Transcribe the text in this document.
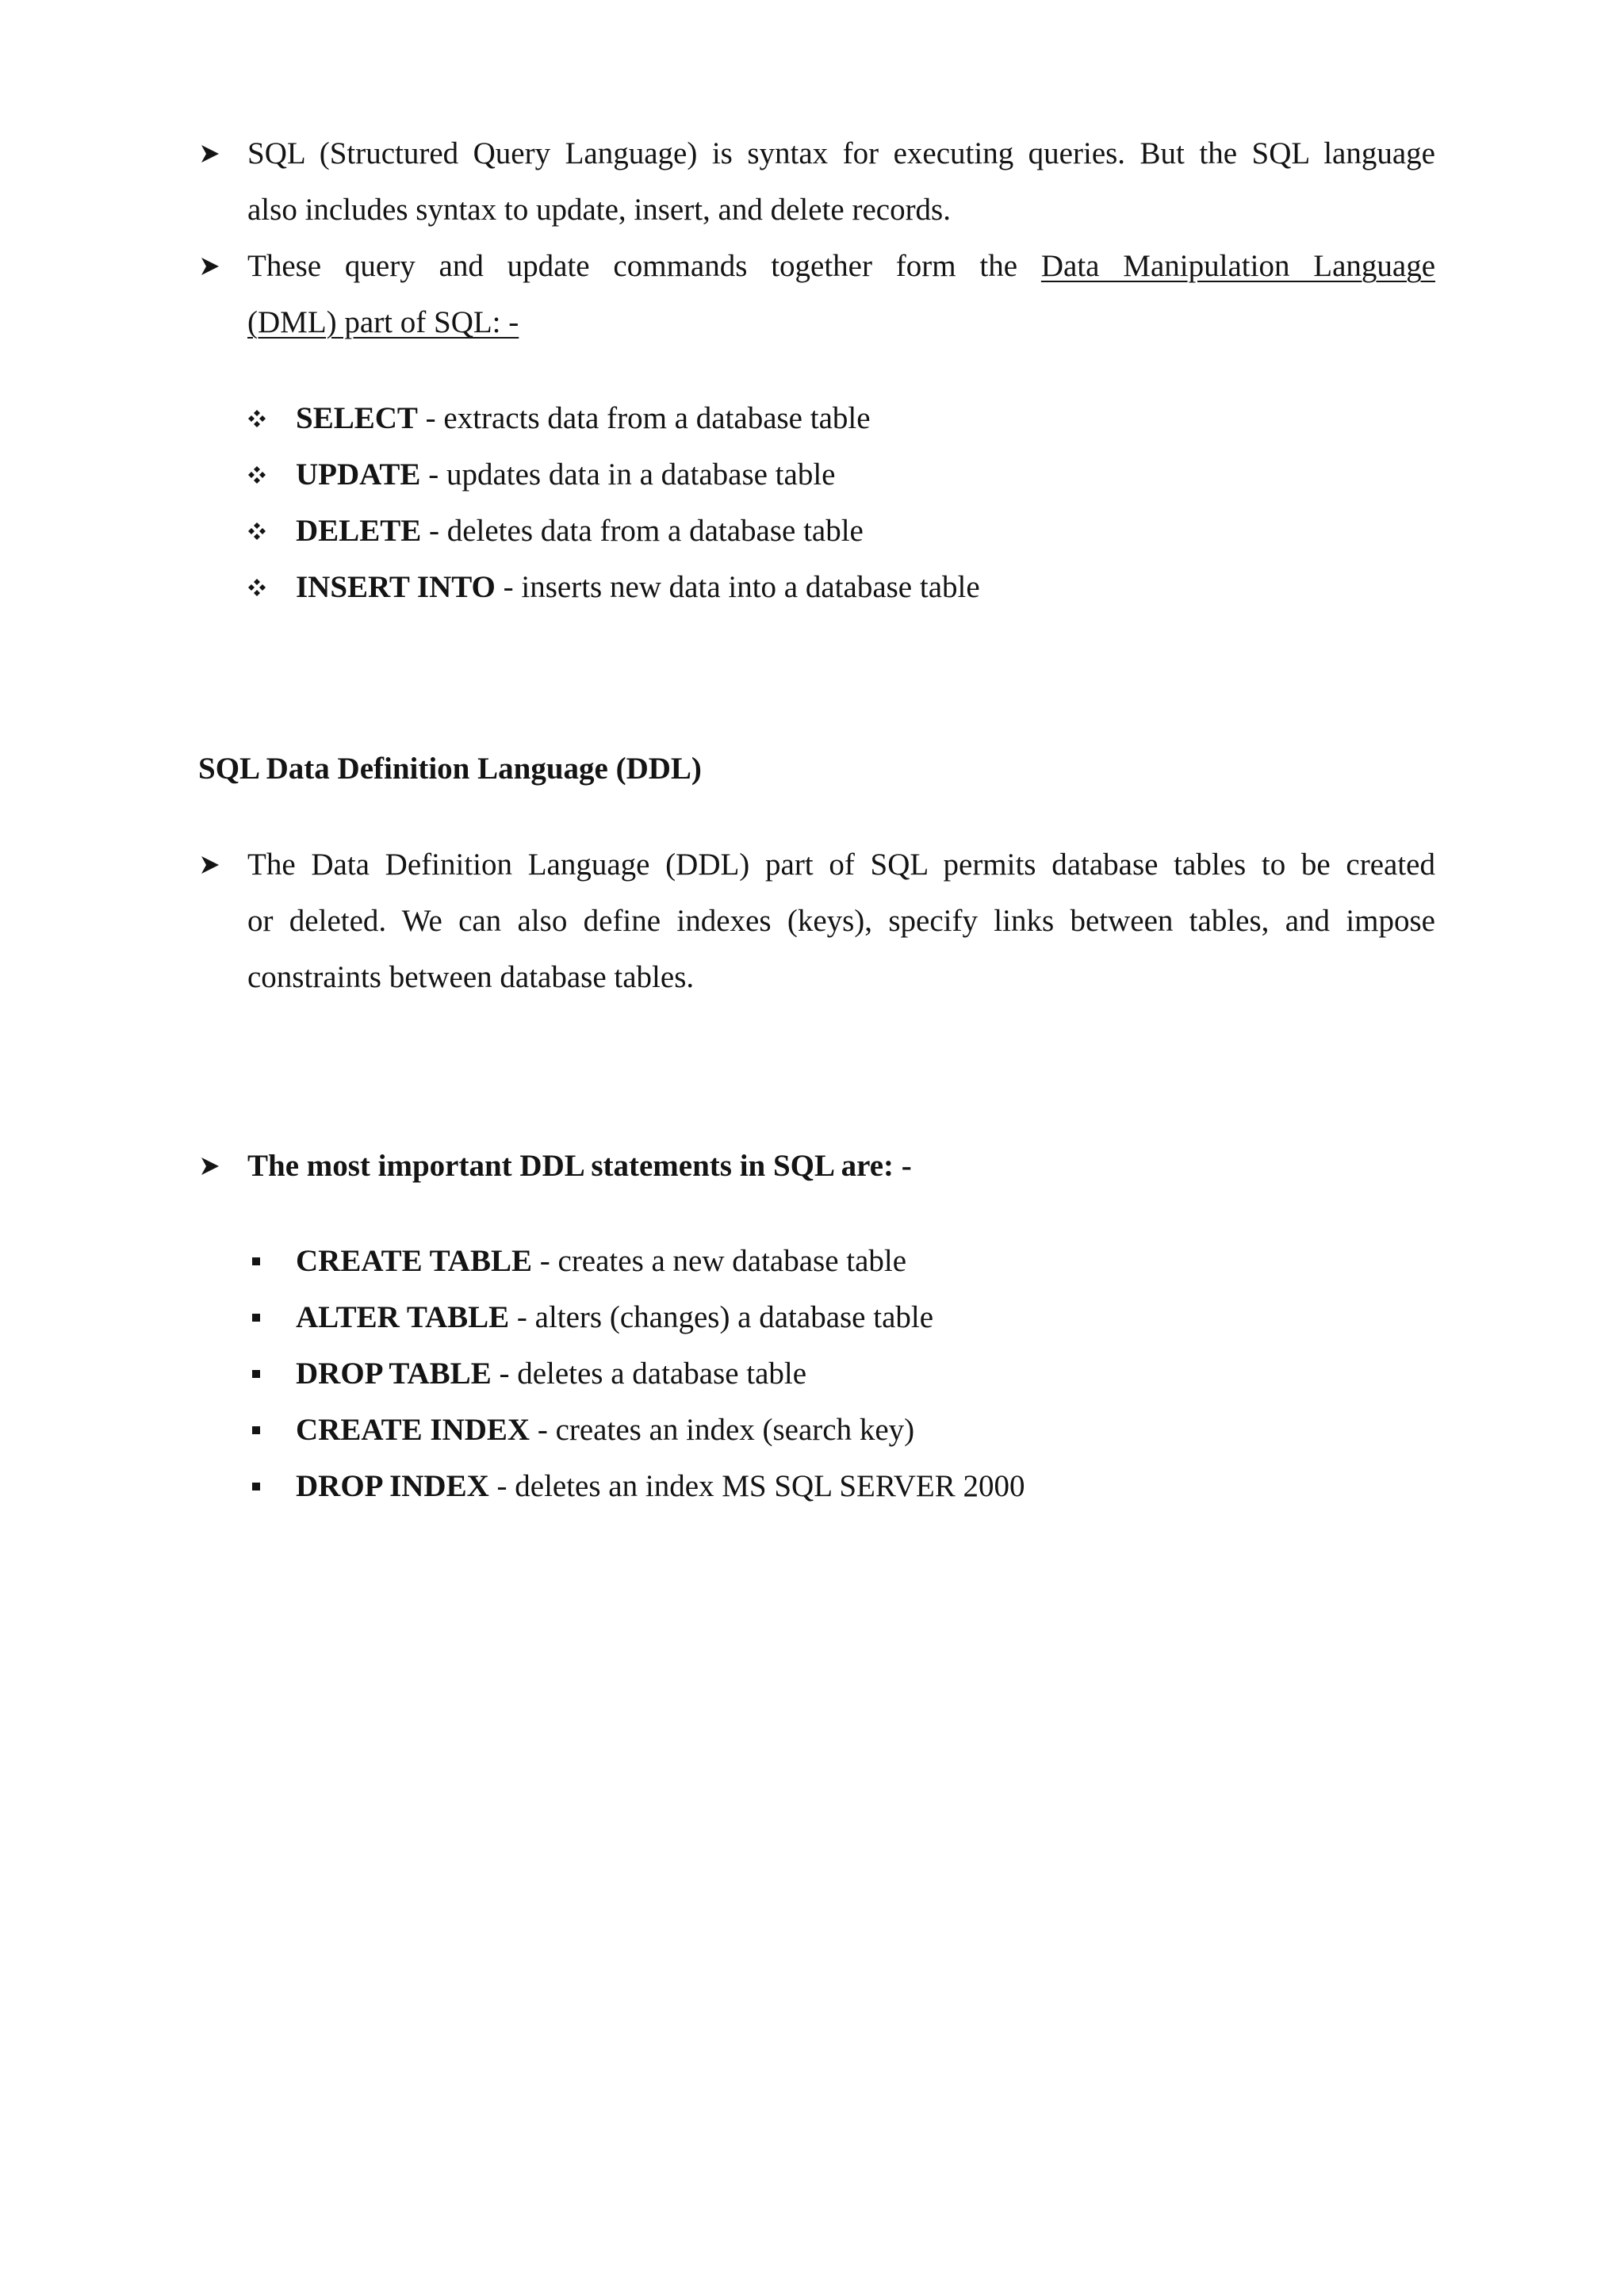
SQL (Structured Query Language) is syntax for executing queries. But the SQL language
also includes syntax to update, insert, and delete records.
These query and update commands together form the Data Manipulation Language
(DML) part of SQL: -
SELECT - extracts data from a database table
UPDATE - updates data in a database table
DELETE - deletes data from a database table
INSERT INTO - inserts new data into a database table
SQL Data Definition Language (DDL)
The Data Definition Language (DDL) part of SQL permits database tables to be created
or deleted. We can also define indexes (keys), specify links between tables, and impose
constraints between database tables.
The most important DDL statements in SQL are: -
CREATE TABLE - creates a new database table
ALTER TABLE - alters (changes) a database table
DROP TABLE - deletes a database table
CREATE INDEX - creates an index (search key)
DROP INDEX - deletes an index MS SQL SERVER 2000
